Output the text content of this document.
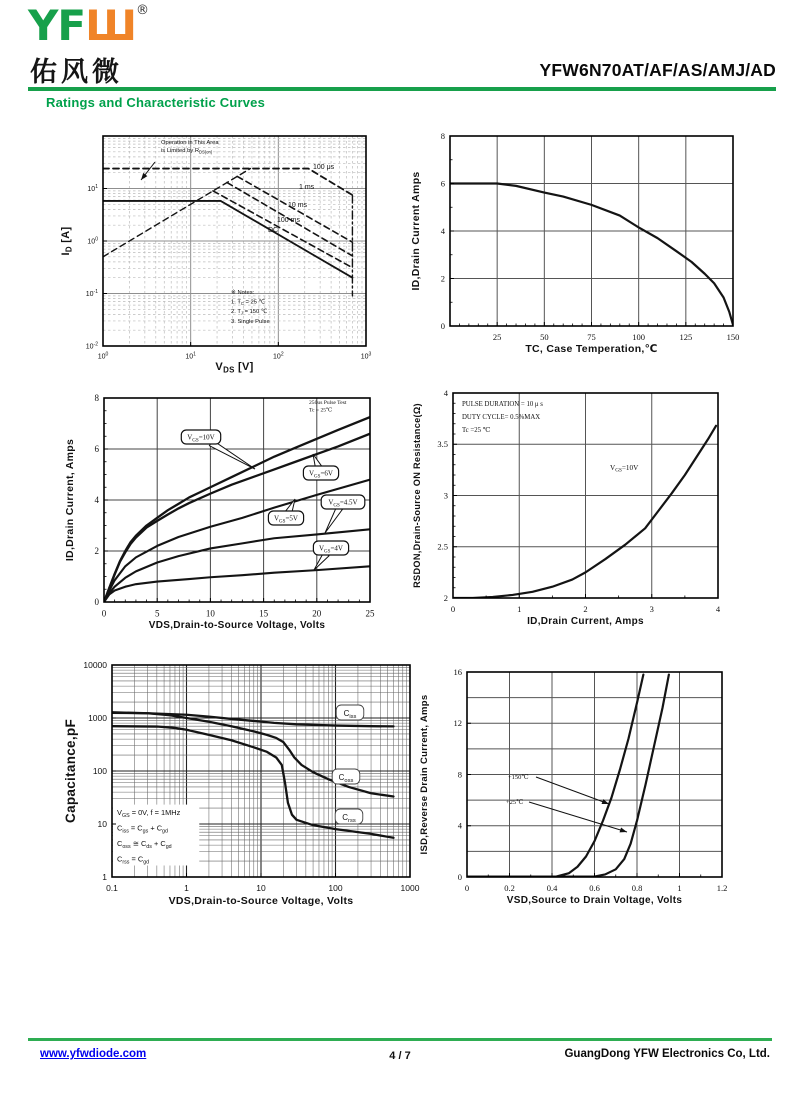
YFШ®
佑风微	YFW6N70AT/AF/AS/AMJ/AD
Ratings and Characteristic Curves
Operation in This Area
is Limited by $R_{DS(on)}$
※ Notes:
1. $T_C = 25$ ℃
2. $T_J = 150$ ℃
3. Single Pulse
100 μs
1 ms
10 ms
100 ms
DC
$10^0$	$10^1$	$10^2$	$10^3$
$10^1$
$10^0$
$10^{-1}$
$10^{-2}$
$V_{DS}$ [V]
$I_D$ [A]
25	50	75	100	125	150
0
2
4
6
8
TC, Case Temperation,℃
ID,Drain Current Amps
250us Pulse Test
Tc = 25℃
$V_{GS}=10V$
$V_{GS}=6V$
$V_{GS}=5V$
$V_{GS}=4.5V$
$V_{GS}=4V$
0	5	10	15	20	25
0
2
4
6
8
VDS,Drain-to-Source Voltage, Volts
ID,Drain Current, Amps
PULSE DURATION = 10 μ s
DUTY CYCLE= 0.5%MAX
Tc =25 ℃
$V_{GS}=10V$
0	1	2	3	4
2
2.5
3
3.5
4
ID,Drain Current, Amps
RSDON,Drain-Source ON Resistance(Ω)
$C_{iss}$
$C_{oss}$
$C_{rss}$
$V_{GS} = 0V$, f = 1MHz
$C_{iss} = C_{gs} + C_{gd}$
$C_{oss}$ ≅ $C_{ds} + C_{gd}$
$C_{rss} = C_{gd}$
0.1	1	10	100	1000
1
10
100
1000
10000
VDS,Drain-to-Source Voltage, Volts
Capacitance,pF	+150℃
+25℃
0	0.2	0.4	0.6	0.8	1	1.2
0
4
8
12
16
VSD,Source to Drain Voltage, Volts
ISD,Reverse Drain Current, Amps
www.yfwdiode.com	4 / 7	GuangDong YFW Electronics Co, Ltd.
